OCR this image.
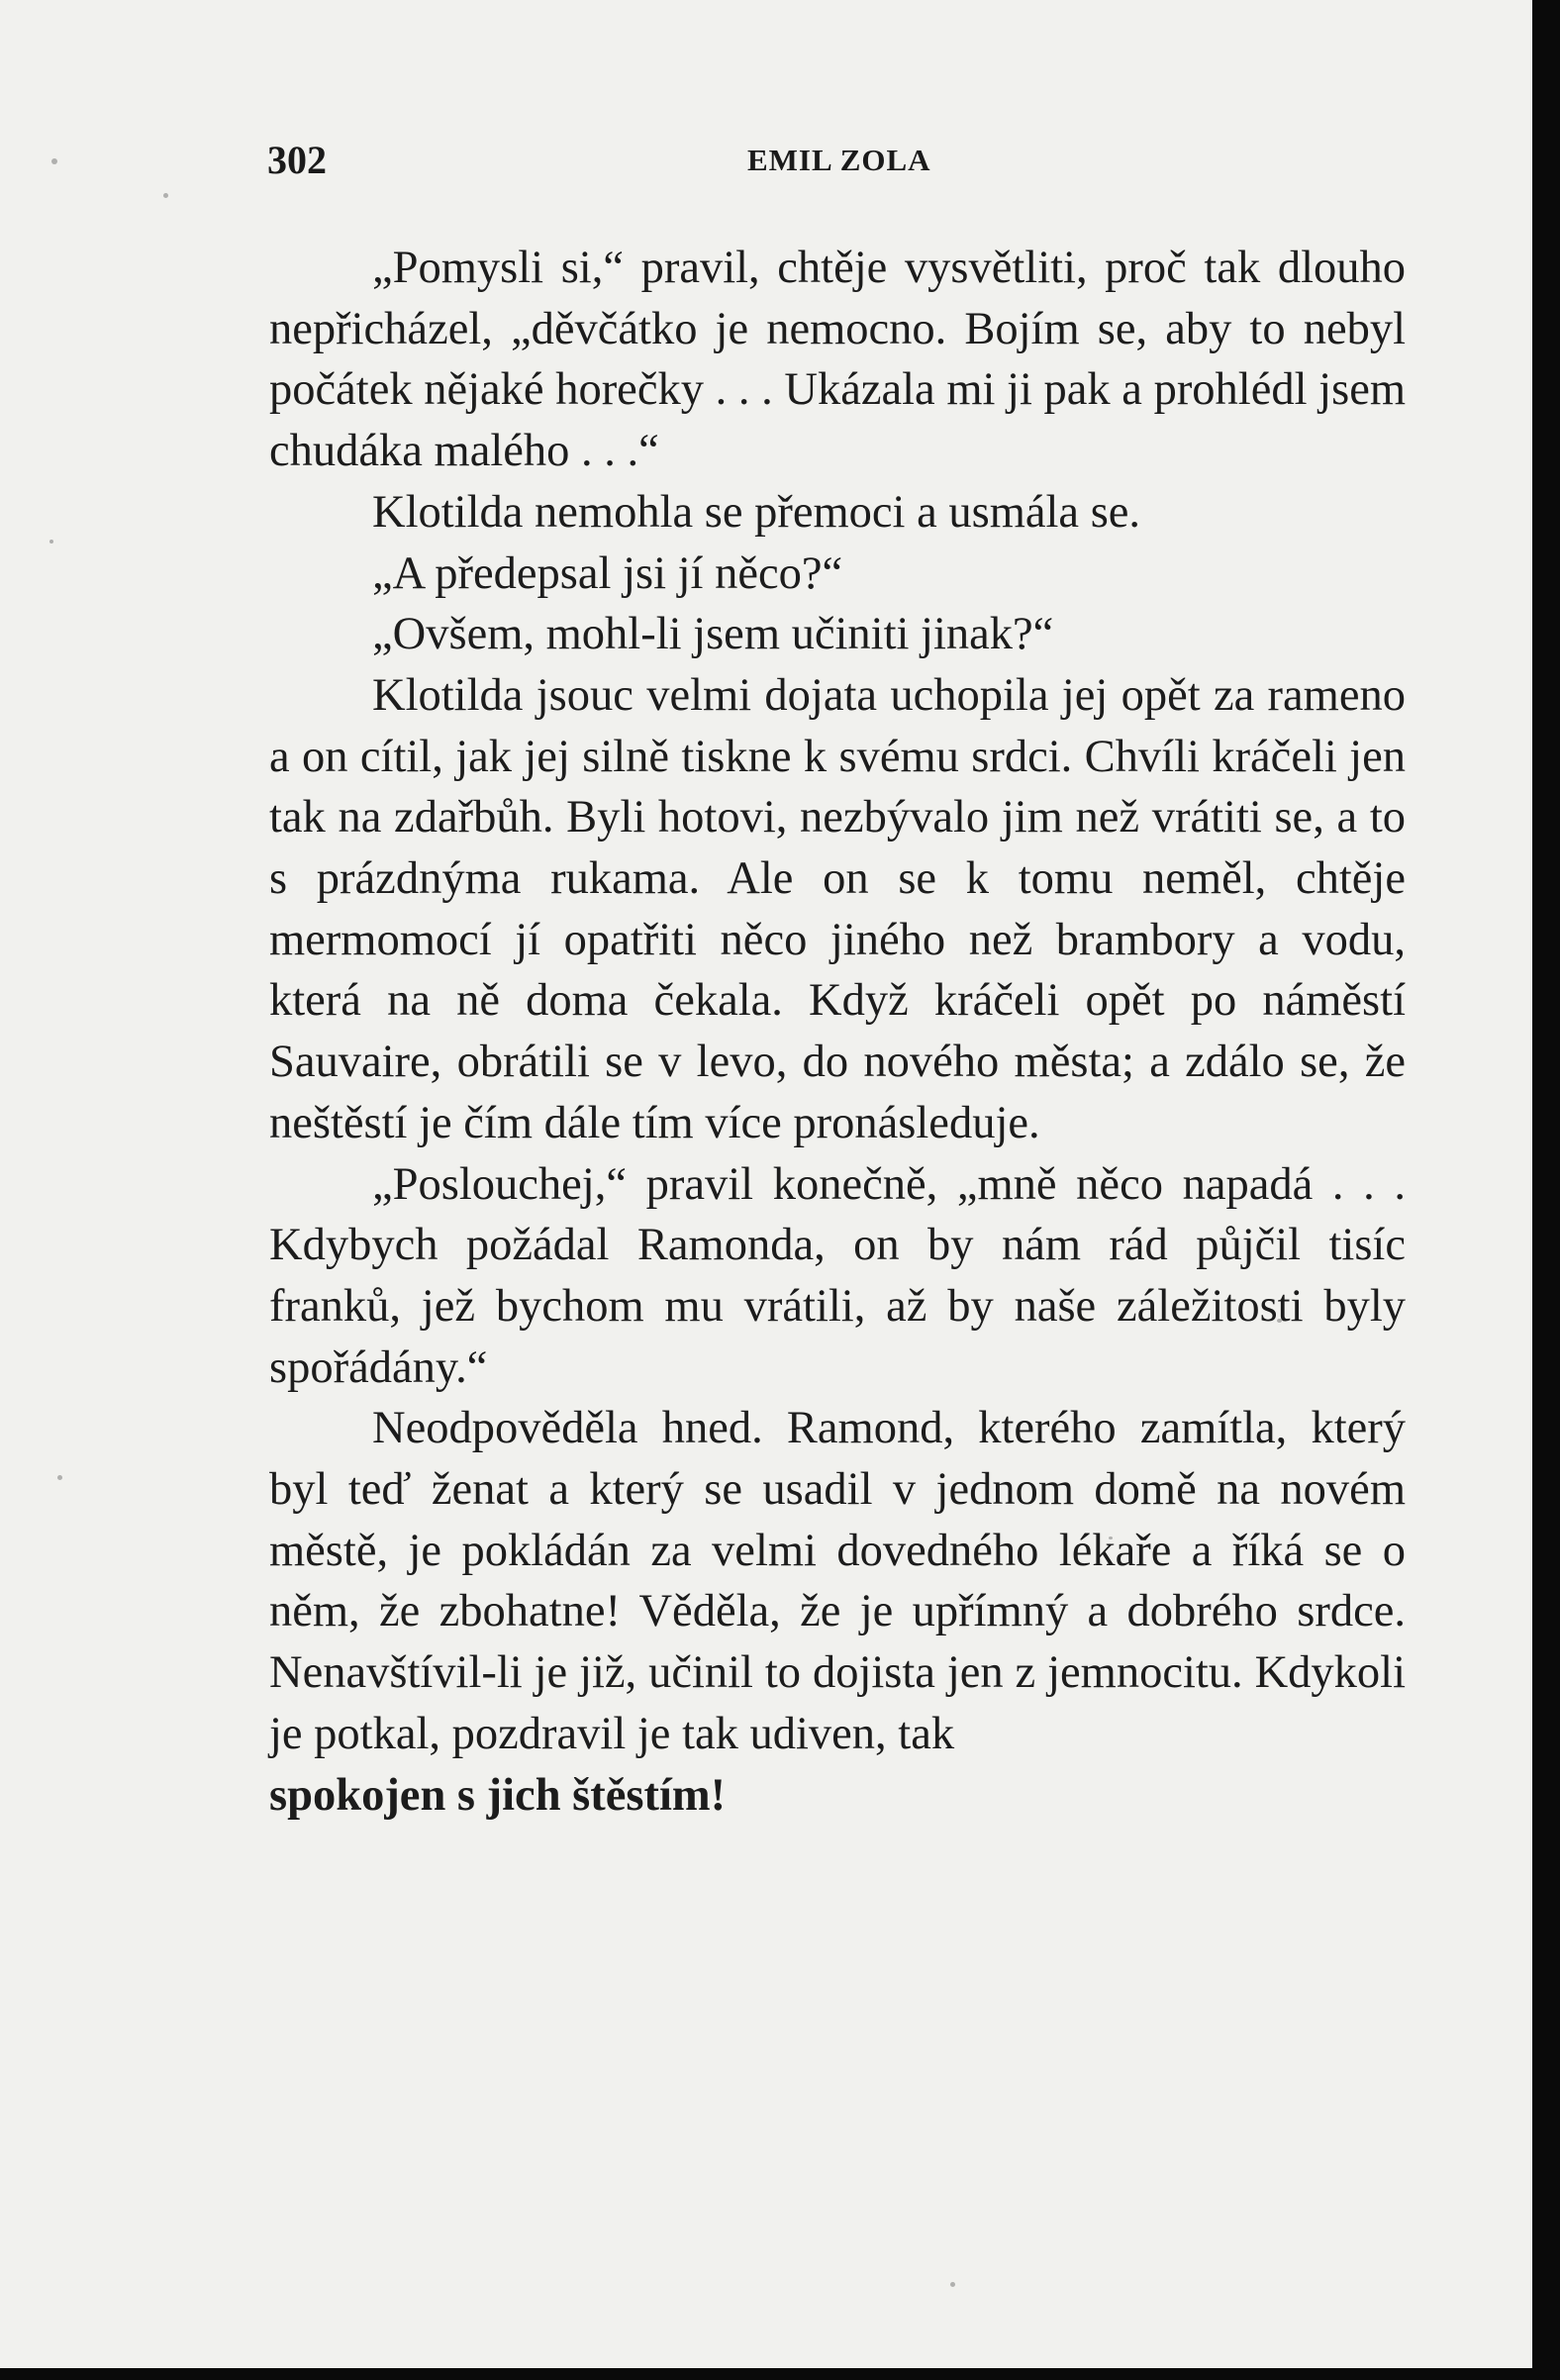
302	EMIL ZOLA

„Pomysli si,“ pravil, chtěje vysvětliti, proč tak dlouho nepřicházel, „děvčátko je nemocno. Bojím se, aby to nebyl počátek nějaké horečky . . . Ukázala mi ji pak a prohlédl jsem chudáka malého . . .“

Klotilda nemohla se přemoci a usmála se.

„A předepsal jsi jí něco?“

„Ovšem, mohl-li jsem učiniti jinak?“

Klotilda jsouc velmi dojata uchopila jej opět za rameno a on cítil, jak jej silně tiskne k svému srdci. Chvíli kráčeli jen tak na zdařbůh. Byli hotovi, nezbývalo jim než vrátiti se, a to s prázdnýma rukama. Ale on se k tomu neměl, chtěje mermomocí jí opatřiti něco jiného než brambory a vodu, která na ně doma čekala. Když kráčeli opět po náměstí Sauvaire, obrátili se v levo, do nového města; a zdálo se, že neštěstí je čím dále tím více pronásleduje.

„Poslouchej,“ pravil konečně, „mně něco napadá . . . Kdybych požádal Ramonda, on by nám rád půjčil tisíc franků, jež bychom mu vrátili, až by naše záležitosti byly spořádány.“

Neodpověděla hned. Ramond, kterého zamítla, který byl teď ženat a který se usadil v jednom domě na novém městě, je pokládán za velmi dovedného lékaře a říká se o něm, že zbohatne! Věděla, že je upřímný a dobrého srdce. Nenavštívil-li je již, učinil to dojista jen z jemnocitu. Kdykoli je potkal, pozdravil je tak udiven, tak

spokojen s jich štěstím!
